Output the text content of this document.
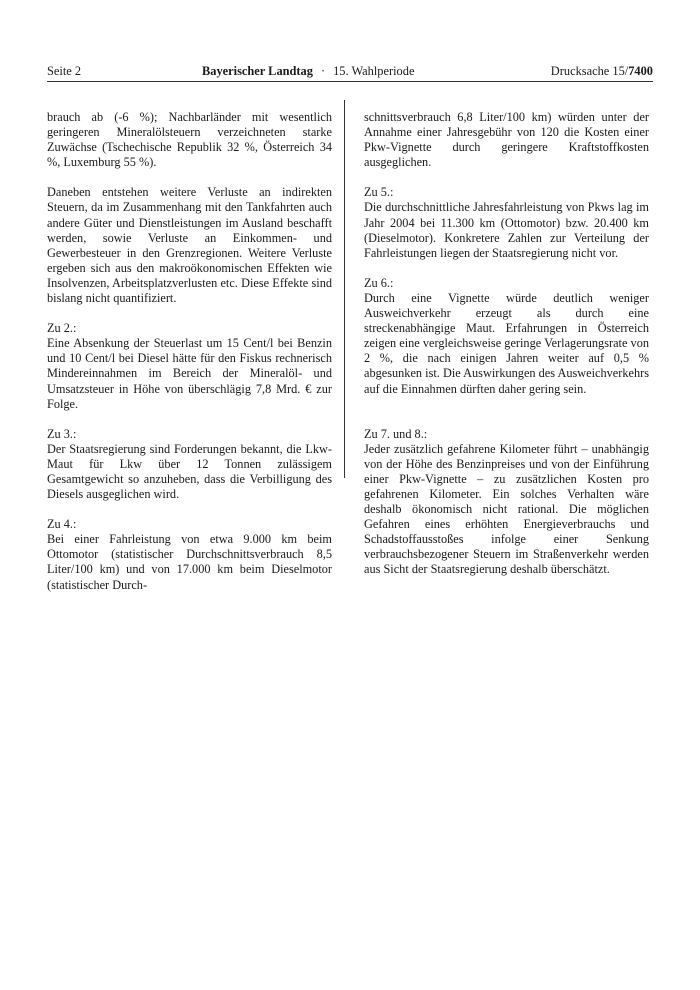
Seite 2	Bayerischer Landtag · 15. Wahlperiode	Drucksache 15/7400

brauch ab (-6 %); Nachbarländer mit wesentlich geringeren Mineralölsteuern verzeichneten starke Zuwächse (Tschechische Republik 32 %, Österreich 34 %, Luxemburg 55 %).

Daneben entstehen weitere Verluste an indirekten Steuern, da im Zusammenhang mit den Tankfahrten auch andere Güter und Dienstleistungen im Ausland beschafft werden, sowie Verluste an Einkommen- und Gewerbesteuer in den Grenzregionen. Weitere Verluste ergeben sich aus den makroökonomischen Effekten wie Insolvenzen, Arbeitsplatzverlusten etc. Diese Effekte sind bislang nicht quantifiziert.

Zu 2.:
Eine Absenkung der Steuerlast um 15 Cent/l bei Benzin und 10 Cent/l bei Diesel hätte für den Fiskus rechnerisch Mindereinnahmen im Bereich der Mineralöl- und Umsatzsteuer in Höhe von überschlägig 7,8 Mrd. € zur Folge.

Zu 3.:
Der Staatsregierung sind Forderungen bekannt, die Lkw-Maut für Lkw über 12 Tonnen zulässigem Gesamtgewicht so anzuheben, dass die Verbilligung des Diesels ausgeglichen wird.

Zu 4.:
Bei einer Fahrleistung von etwa 9.000 km beim Ottomotor (statistischer Durchschnittsverbrauch 8,5 Liter/100 km) und von 17.000 km beim Dieselmotor (statistischer Durch-

schnittsverbrauch 6,8 Liter/100 km) würden unter der Annahme einer Jahresgebühr von 120 die Kosten einer Pkw-Vignette durch geringere Kraftstoffkosten ausgeglichen.

Zu 5.:
Die durchschnittliche Jahresfahrleistung von Pkws lag im Jahr 2004 bei 11.300 km (Ottomotor) bzw. 20.400 km (Dieselmotor). Konkretere Zahlen zur Verteilung der Fahrleistungen liegen der Staatsregierung nicht vor.

Zu 6.:
Durch eine Vignette würde deutlich weniger Ausweichverkehr erzeugt als durch eine streckenabhängige Maut. Erfahrungen in Österreich zeigen eine vergleichsweise geringe Verlagerungsrate von 2 %, die nach einigen Jahren weiter auf 0,5 % abgesunken ist. Die Auswirkungen des Ausweichverkehrs auf die Einnahmen dürften daher gering sein.

Zu 7. und 8.:
Jeder zusätzlich gefahrene Kilometer führt – unabhängig von der Höhe des Benzinpreises und von der Einführung einer Pkw-Vignette – zu zusätzlichen Kosten pro gefahrenen Kilometer. Ein solches Verhalten wäre deshalb ökonomisch nicht rational. Die möglichen Gefahren eines erhöhten Energieverbrauchs und Schadstoffausstoßes infolge einer Senkung verbrauchsbezogener Steuern im Straßenverkehr werden aus Sicht der Staatsregierung deshalb überschätzt.
